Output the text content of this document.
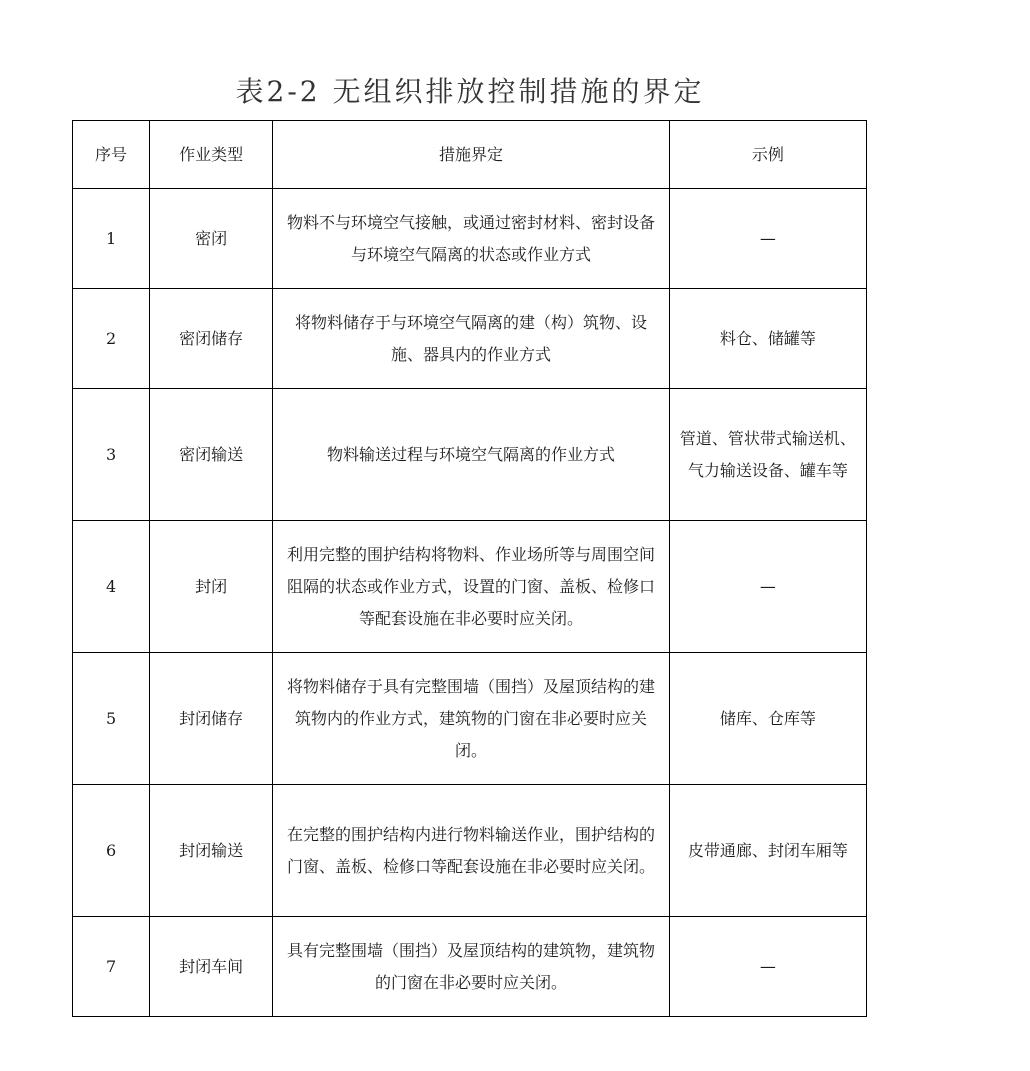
表2-2 无组织排放控制措施的界定
序号	作业类型	措施界定	示例
1	密闭	物料不与环境空气接触，或通过密封材料、密封设备与环境空气隔离的状态或作业方式	—
2	密闭储存	将物料储存于与环境空气隔离的建（构）筑物、设施、器具内的作业方式	料仓、储罐等
3	密闭输送	物料输送过程与环境空气隔离的作业方式	管道、管状带式输送机、气力输送设备、罐车等
4	封闭	利用完整的围护结构将物料、作业场所等与周围空间阻隔的状态或作业方式，设置的门窗、盖板、检修口等配套设施在非必要时应关闭。	—
5	封闭储存	将物料储存于具有完整围墙（围挡）及屋顶结构的建筑物内的作业方式，建筑物的门窗在非必要时应关闭。	储库、仓库等
6	封闭输送	在完整的围护结构内进行物料输送作业，围护结构的门窗、盖板、检修口等配套设施在非必要时应关闭。	皮带通廊、封闭车厢等
7	封闭车间	具有完整围墙（围挡）及屋顶结构的建筑物，建筑物的门窗在非必要时应关闭。	—
